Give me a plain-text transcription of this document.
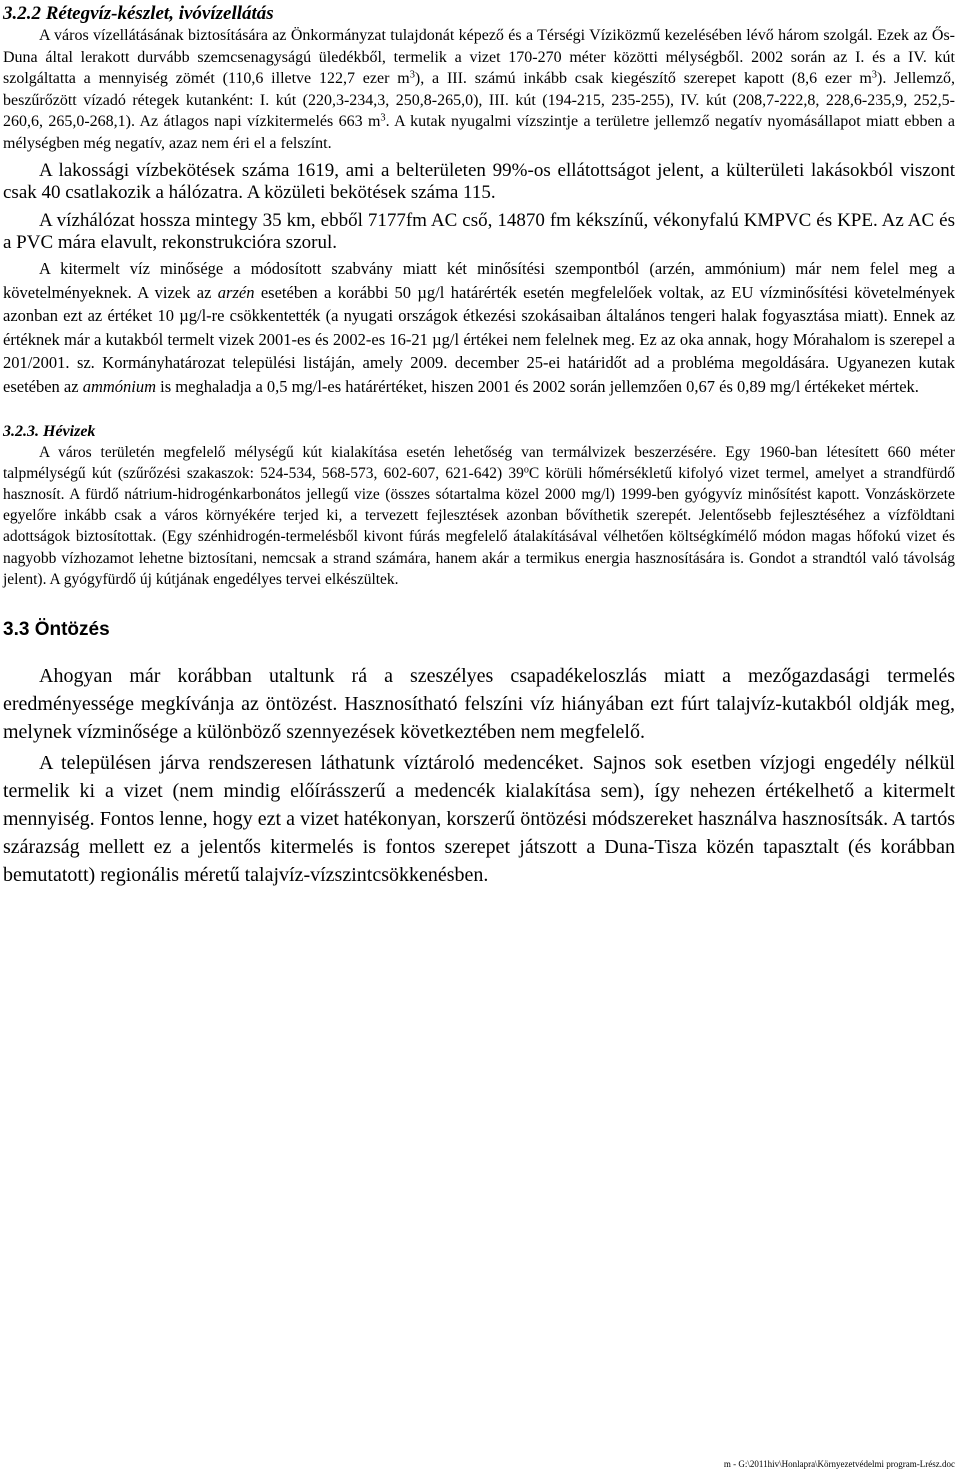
3.2.2 Rétegvíz-készlet, ivóvízellátás

A város vízellátásának biztosítására az Önkormányzat tulajdonát képező és a Térségi Víziközmű kezelésében lévő három szolgál. Ezek az Ős-Duna által lerakott durvább szemcsenagyságú üledékből, termelik a vizet 170-270 méter közötti mélységből. 2002 során az I. és a IV. kút szolgáltatta a mennyiség zömét (110,6 illetve 122,7 ezer $m^3$), a III. számú inkább csak kiegészítő szerepet kapott (8,6 ezer $m^3$). Jellemző, beszűrőzött vízadó rétegek kutanként: I. kút (220,3-234,3, 250,8-265,0), III. kút (194-215, 235-255), IV. kút (208,7-222,8, 228,6-235,9, 252,5-260,6, 265,0-268,1). Az átlagos napi vízkitermelés 663 $m^3$. A kutak nyugalmi vízszintje a területre jellemző negatív nyomásállapot miatt ebben a mélységben még negatív, azaz nem éri el a felszínt.

A lakossági vízbekötések száma 1619, ami a belterületen 99%-os ellátottságot jelent, a külterületi lakásokból viszont csak 40 csatlakozik a hálózatra. A közületi bekötések száma 115.

A vízhálózat hossza mintegy 35 km, ebből 7177fm AC cső, 14870 fm kékszínű, vékonyfalú KMPVC és KPE. Az AC és a PVC mára elavult, rekonstrukcióra szorul.

A kitermelt víz minősége a módosított szabvány miatt két minősítési szempontból (arzén, ammónium) már nem felel meg a követelményeknek. A vizek az arzén esetében a korábbi 50 µg/l határérték esetén megfelelőek voltak, az EU vízminősítési követelmények azonban ezt az értéket 10 µg/l-re csökkentették (a nyugati országok étkezési szokásaiban általános tengeri halak fogyasztása miatt). Ennek az értéknek már a kutakból termelt vizek 2001-es és 2002-es 16-21 µg/l értékei nem felelnek meg. Ez az oka annak, hogy Mórahalom is szerepel a 201/2001. sz. Kormányhatározat települési listáján, amely 2009. december 25-ei határidőt ad a probléma megoldására. Ugyanezen kutak esetében az ammónium is meghaladja a 0,5 mg/l-es határértéket, hiszen 2001 és 2002 során jellemzően 0,67 és 0,89 mg/l értékeket mértek.

3.2.3. Hévizek

A város területén megfelelő mélységű kút kialakítása esetén lehetőség van termálvizek beszerzésére. Egy 1960-ban létesített 660 méter talpmélységű kút (szűrőzési szakaszok: 524-534, 568-573, 602-607, 621-642) 39$^o$C körüli hőmérsékletű kifolyó vizet termel, amelyet a strandfürdő hasznosít. A fürdő nátrium-hidrogénkarbonátos jellegű vize (összes sótartalma közel 2000 mg/l) 1999-ben gyógyvíz minősítést kapott. Vonzáskörzete egyelőre inkább csak a város környékére terjed ki, a tervezett fejlesztések azonban bővíthetik szerepét. Jelentősebb fejlesztéséhez a vízföldtani adottságok biztosítottak. (Egy szénhidrogén-termelésből kivont fúrás megfelelő átalakításával vélhetően költségkímélő módon magas hőfokú vizet és nagyobb vízhozamot lehetne biztosítani, nemcsak a strand számára, hanem akár a termikus energia hasznosítására is. Gondot a strandtól való távolság jelent). A gyógyfürdő új kútjának engedélyes tervei elkészültek.

3.3 Öntözés

Ahogyan már korábban utaltunk rá a szeszélyes csapadékeloszlás miatt a mezőgazdasági termelés eredményessége megkívánja az öntözést. Hasznosítható felszíni víz hiányában ezt fúrt talajvíz-kutakból oldják meg, melynek vízminősége a különböző szennyezések következtében nem megfelelő.

A településen járva rendszeresen láthatunk víztároló medencéket. Sajnos sok esetben vízjogi engedély nélkül termelik ki a vizet (nem mindig előírásszerű a medencék kialakítása sem), így nehezen értékelhető a kitermelt mennyiség. Fontos lenne, hogy ezt a vizet hatékonyan, korszerű öntözési módszereket használva hasznosítsák. A tartós szárazság mellett ez a jelentős kitermelés is fontos szerepet játszott a Duna-Tisza közén tapasztalt (és korábban bemutatott) regionális méretű talajvíz-vízszintcsökkenésben.

m - G:\2011hiv\Honlapra\Környezetvédelmi program-Lrész.doc
